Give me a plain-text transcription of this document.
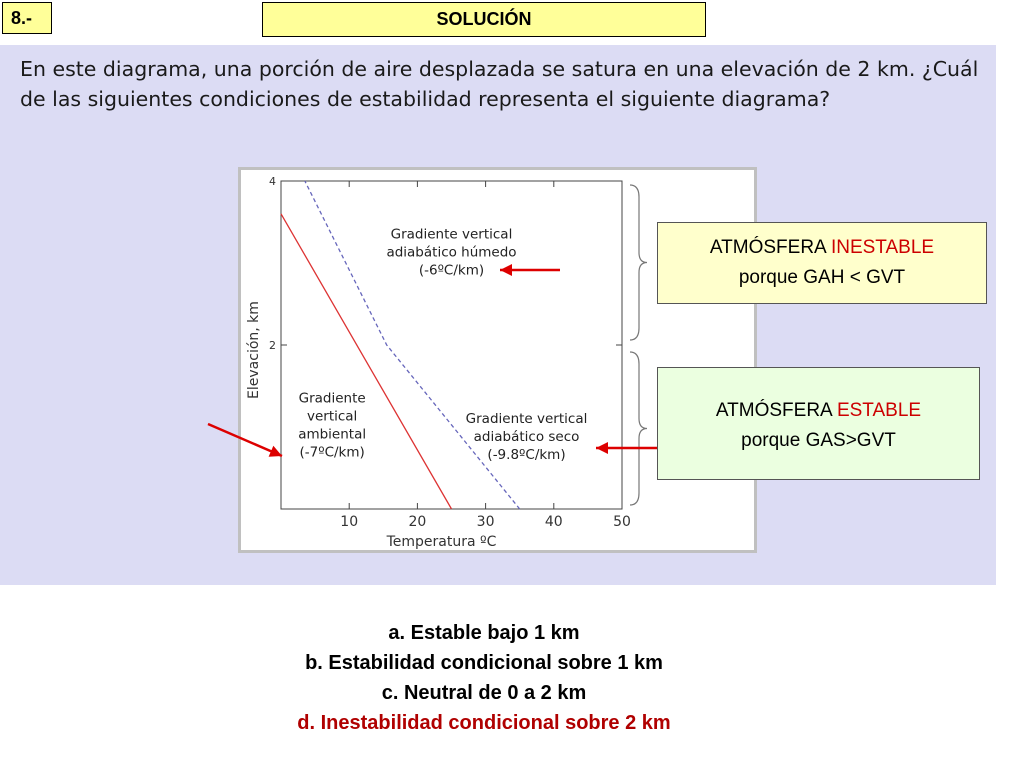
8.-	SOLUCIÓN
En este diagrama, una porción de aire desplazada se satura en una elevación de 2 km. ¿Cuál de las siguientes condiciones de estabilidad representa el siguiente diagrama?
10	20	30	40	50
2
4
Temperatura ºC
Elevación, km
Gradiente vertical adiabático húmedo (-6ºC/km)
Gradiente vertical ambiental (-7ºC/km)
Gradiente vertical adiabático seco (-9.8ºC/km)
ATMÓSFERA INESTABLE
porque GAH < GVT
ATMÓSFERA ESTABLE
porque GAS>GVT
a. Estable bajo 1 km
b. Estabilidad condicional sobre 1 km
c. Neutral de 0 a 2 km
d. Inestabilidad condicional sobre 2 km
